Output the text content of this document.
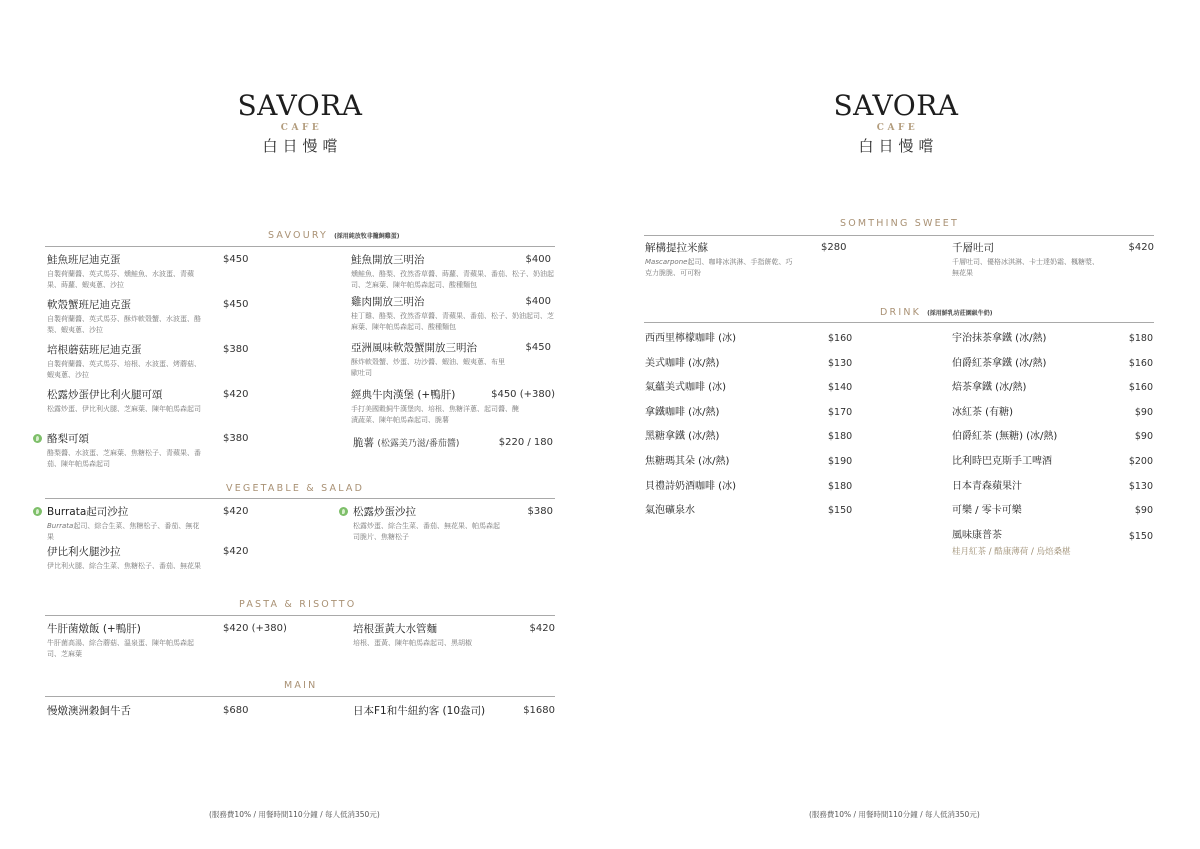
SAVORA
CAFE
白日慢嚐
SAVOURY (採用純放牧非籠飼雞蛋)
鮭魚班尼迪克蛋	$450
自製荷蘭醬、英式馬芬、燻鮭魚、水波蛋、青蘋果、蒔蘿、蝦夷蔥、沙拉
軟殼蟹班尼迪克蛋	$450
自製荷蘭醬、英式馬芬、酥炸軟殼蟹、水波蛋、酪梨、蝦夷蔥、沙拉
培根蘑菇班尼迪克蛋	$380
自製荷蘭醬、英式馬芬、培根、水波蛋、烤蘑菇、蝦夷蔥、沙拉
松露炒蛋伊比利火腿可頌	$420
松露炒蛋、伊比利火腿、芝麻葉、陳年帕馬森起司
酪梨可頌	$380
酪梨醬、水波蛋、芝麻葉、焦糖松子、青蘋果、番茄、陳年帕馬森起司
鮭魚開放三明治	$400
燻鮭魚、酪梨、孜然香草醬、蒔蘿、青蘋果、番茄、松子、奶油起司、芝麻葉、陳年帕馬森起司、酸種麵包
雞肉開放三明治	$400
桂丁雞、酪梨、孜然香草醬、青蘋果、番茄、松子、奶油起司、芝麻葉、陳年帕馬森起司、酸種麵包
亞洲風味軟殼蟹開放三明治	$450
酥炸軟殼蟹、炒蛋、功沙醬、蝦油、蝦夷蔥、布里歐吐司
經典牛肉漢堡 (+鴨肝)	$450 (+380)
手打美國穀飼牛漢堡肉、培根、焦糖洋蔥、起司醬、醃漬蔬菜、陳年帕馬森起司、脆薯
脆薯 (松露美乃滋/番茄醬)	$220 / 180
VEGETABLE & SALAD
Burrata起司沙拉	$420
Burrata起司、綜合生菜、焦糖松子、番茄、無花果
伊比利火腿沙拉	$420
伊比利火腿、綜合生菜、焦糖松子、番茄、無花果
松露炒蛋沙拉	$380
松露炒蛋、綜合生菜、番茄、無花果、帕馬森起司脆片、焦糖松子
PASTA & RISOTTO
牛肝菌燉飯 (+鴨肝)	$420 (+380)
牛肝菌高湯、綜合蘑菇、溫泉蛋、陳年帕馬森起司、芝麻葉
培根蛋黃大水管麵	$420
培根、蛋黃、陳年帕馬森起司、黑胡椒
MAIN
慢燉澳洲穀飼牛舌	$680	日本F1和牛紐約客 (10盎司)	$1680
(服務費10% / 用餐時間110分鐘 / 每人低消350元)
SAVORA
CAFE
白日慢嚐
SOMTHING SWEET
解構提拉米蘇	$280
Mascarpone起司、咖啡冰淇淋、手指餅乾、巧克力脆脆、可可粉
千層吐司	$420
千層吐司、優格冰淇淋、卡士達奶霜、楓糖漿、無花果
DRINK (採用鮮乳坊莊園級牛奶)
西西里檸檬咖啡 (冰)	$160
美式咖啡 (冰/熱)	$130
氣蘊美式咖啡 (冰)	$140
拿鐵咖啡 (冰/熱)	$170
黑糖拿鐵 (冰/熱)	$180
焦糖瑪其朵 (冰/熱)	$190
貝禮詩奶酒咖啡 (冰)	$180
氣泡礦泉水	$150
宇治抹茶拿鐵 (冰/熱)	$180
伯爵紅茶拿鐵 (冰/熱)	$160
焙茶拿鐵 (冰/熱)	$160
冰紅茶 (有糖)	$90
伯爵紅茶 (無糖) (冰/熱)	$90
比利時巴克斯手工啤酒	$200
日本青森蘋果汁	$130
可樂 / 零卡可樂	$90
風味康普茶	$150
桂月紅茶 / 酷康薄荷 / 烏焙桑椹
(服務費10% / 用餐時間110分鐘 / 每人低消350元)
